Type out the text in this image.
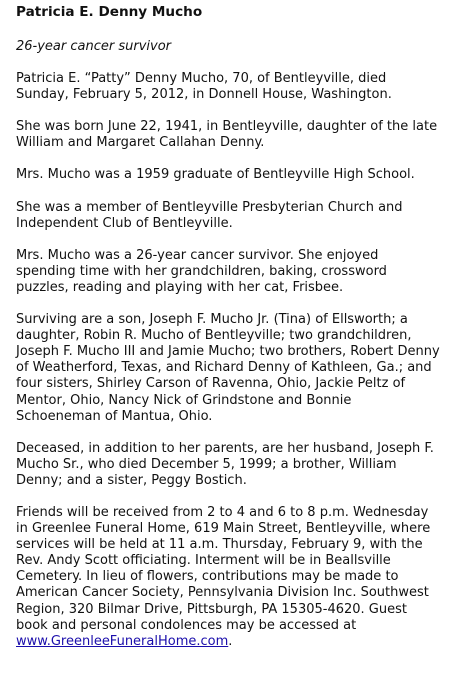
Patricia E. Denny Mucho

26-year cancer survivor

Patricia E. “Patty” Denny Mucho, 70, of Bentleyville, died Sunday, February 5, 2012, in Donnell House, Washington.

She was born June 22, 1941, in Bentleyville, daughter of the late William and Margaret Callahan Denny.

Mrs. Mucho was a 1959 graduate of Bentleyville High School.

She was a member of Bentleyville Presbyterian Church and Independent Club of Bentleyville.

Mrs. Mucho was a 26-year cancer survivor. She enjoyed spending time with her grandchildren, baking, crossword puzzles, reading and playing with her cat, Frisbee.

Surviving are a son, Joseph F. Mucho Jr. (Tina) of Ellsworth; a daughter, Robin R. Mucho of Bentleyville; two grandchildren, Joseph F. Mucho III and Jamie Mucho; two brothers, Robert Denny of Weatherford, Texas, and Richard Denny of Kathleen, Ga.; and four sisters, Shirley Carson of Ravenna, Ohio, Jackie Peltz of Mentor, Ohio, Nancy Nick of Grindstone and Bonnie Schoeneman of Mantua, Ohio.

Deceased, in addition to her parents, are her husband, Joseph F. Mucho Sr., who died December 5, 1999; a brother, William Denny; and a sister, Peggy Bostich.

Friends will be received from 2 to 4 and 6 to 8 p.m. Wednesday in Greenlee Funeral Home, 619 Main Street, Bentleyville, where services will be held at 11 a.m. Thursday, February 9, with the Rev. Andy Scott officiating. Interment will be in Beallsville Cemetery. In lieu of flowers, contributions may be made to American Cancer Society, Pennsylvania Division Inc. Southwest Region, 320 Bilmar Drive, Pittsburgh, PA 15305-4620. Guest book and personal condolences may be accessed at www.GreenleeFuneralHome.com.
